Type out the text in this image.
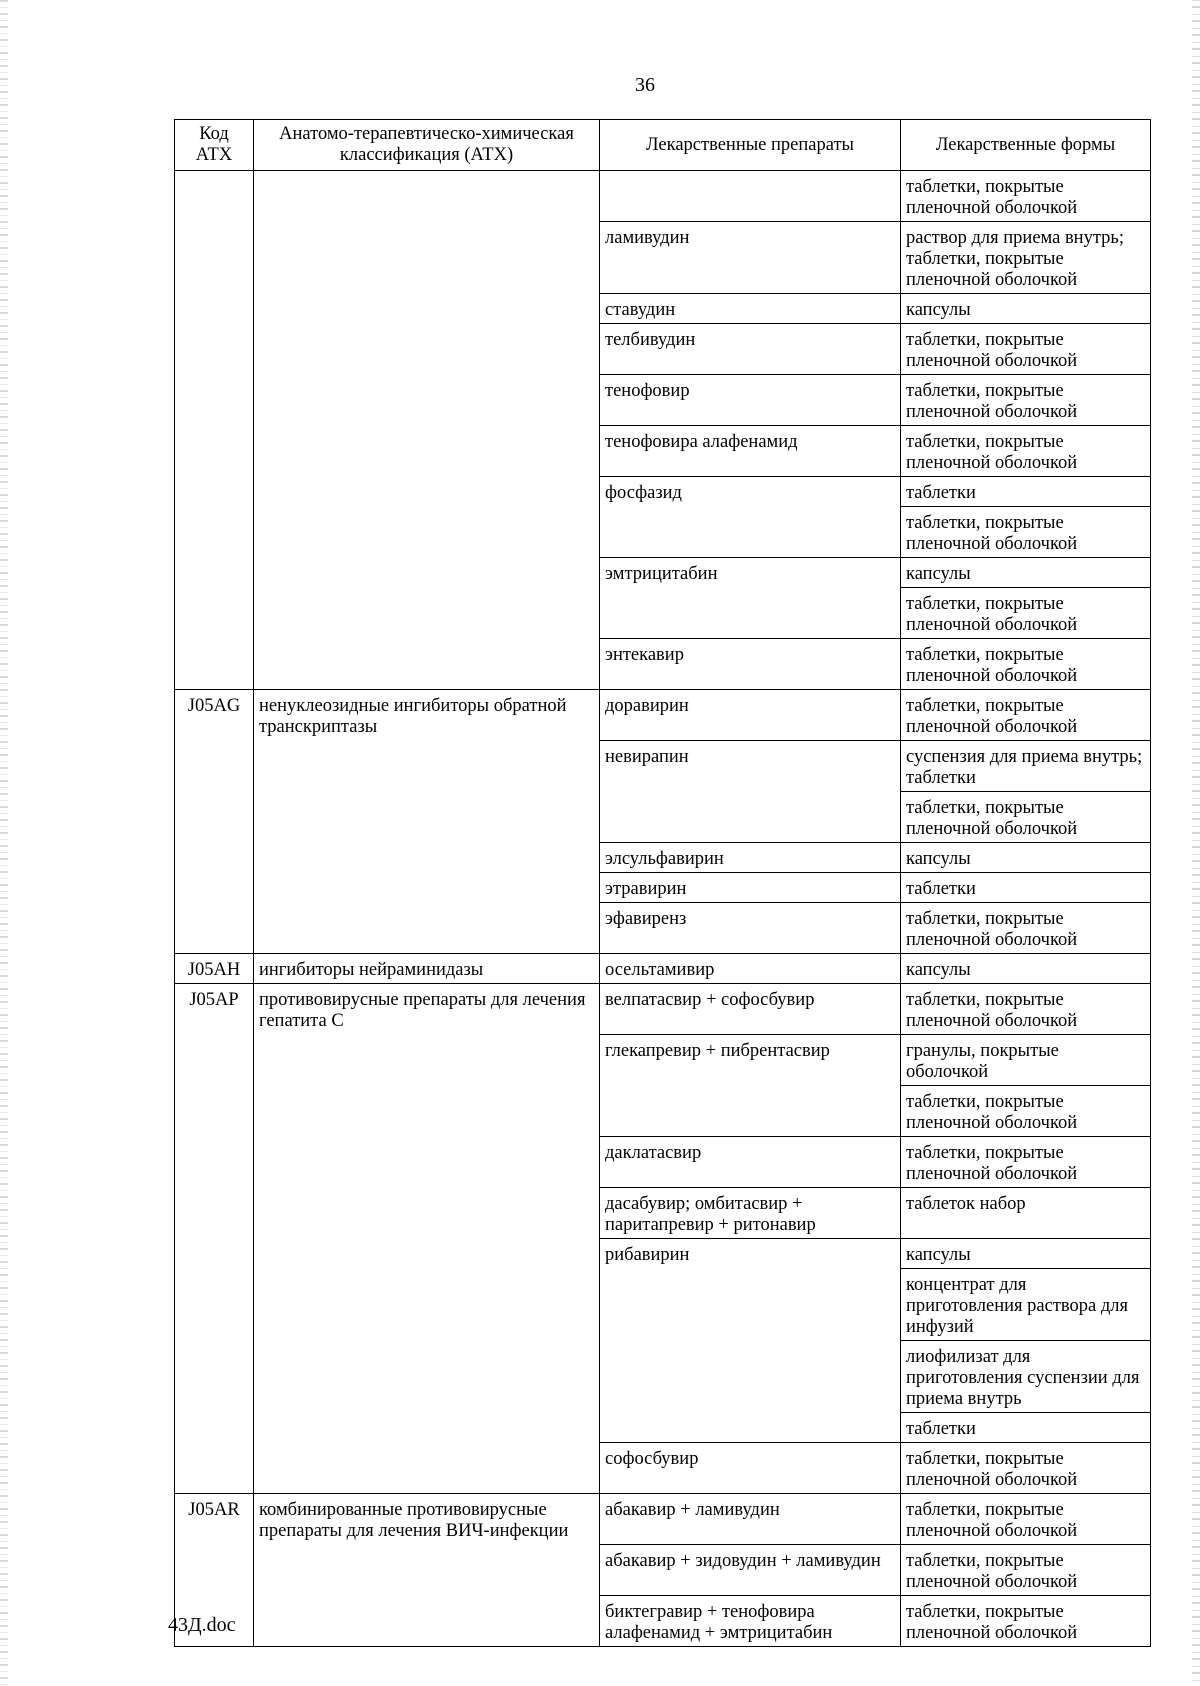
36
Код АТХ	Анатомо-терапевтическо-химическая классификация (АТХ)	Лекарственные препараты	Лекарственные формы
			таблетки, покрытые пленочной оболочкой
		ламивудин	раствор для приема внутрь; таблетки, покрытые пленочной оболочкой
		ставудин	капсулы
		телбивудин	таблетки, покрытые пленочной оболочкой
		тенофовир	таблетки, покрытые пленочной оболочкой
		тенофовира алафенамид	таблетки, покрытые пленочной оболочкой
		фосфазид	таблетки
			таблетки, покрытые пленочной оболочкой
		эмтрицитабин	капсулы
			таблетки, покрытые пленочной оболочкой
		энтекавир	таблетки, покрытые пленочной оболочкой
J05AG	ненуклеозидные ингибиторы обратной транскриптазы	доравирин	таблетки, покрытые пленочной оболочкой
		невирапин	суспензия для приема внутрь; таблетки
			таблетки, покрытые пленочной оболочкой
		элсульфавирин	капсулы
		этравирин	таблетки
		эфавиренз	таблетки, покрытые пленочной оболочкой
J05AH	ингибиторы нейраминидазы	осельтамивир	капсулы
J05AP	противовирусные препараты для лечения гепатита С	велпатасвир + софосбувир	таблетки, покрытые пленочной оболочкой
		глекапревир + пибрентасвир	гранулы, покрытые оболочкой
			таблетки, покрытые пленочной оболочкой
		даклатасвир	таблетки, покрытые пленочной оболочкой
		дасабувир; омбитасвир + паритапревир + ритонавир	таблеток набор
		рибавирин	капсулы
			концентрат для приготовления раствора для инфузий
			лиофилизат для приготовления суспензии для приема внутрь
			таблетки
		софосбувир	таблетки, покрытые пленочной оболочкой
J05AR	комбинированные противовирусные препараты для лечения ВИЧ-инфекции	абакавир + ламивудин	таблетки, покрытые пленочной оболочкой
		абакавир + зидовудин + ламивудин	таблетки, покрытые пленочной оболочкой
		биктегравир + тенофовира алафенамид + эмтрицитабин	таблетки, покрытые пленочной оболочкой
43Д.doc
